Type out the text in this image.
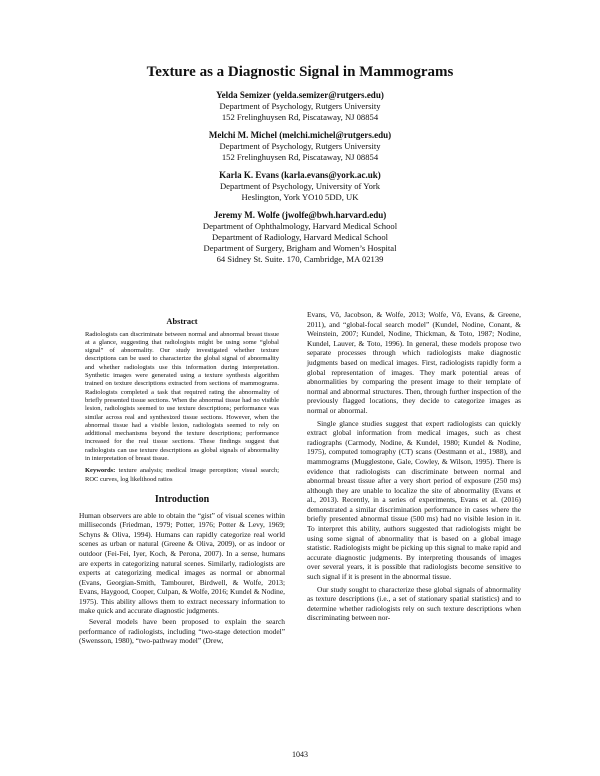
Texture as a Diagnostic Signal in Mammograms
Yelda Semizer (yelda.semizer@rutgers.edu)
Department of Psychology, Rutgers University
152 Frelinghuysen Rd, Piscataway, NJ 08854
Melchi M. Michel (melchi.michel@rutgers.edu)
Department of Psychology, Rutgers University
152 Frelinghuysen Rd, Piscataway, NJ 08854
Karla K. Evans (karla.evans@york.ac.uk)
Department of Psychology, University of York
Heslington, York YO10 5DD, UK
Jeremy M. Wolfe (jwolfe@bwh.harvard.edu)
Department of Ophthalmology, Harvard Medical School
Department of Radiology, Harvard Medical School
Department of Surgery, Brigham and Women’s Hospital
64 Sidney St. Suite. 170, Cambridge, MA 02139
Abstract
Radiologists can discriminate between normal and abnormal breast tissue at a glance, suggesting that radiologists might be using some “global signal” of abnormality. Our study investigated whether texture descriptions can be used to characterize the global signal of abnormality and whether radiologists use this information during interpretation. Synthetic images were generated using a texture synthesis algorithm trained on texture descriptions extracted from sections of mammograms. Radiologists completed a task that required rating the abnormality of briefly presented tissue sections. When the abnormal tissue had no visible lesion, radiologists seemed to use texture descriptions; performance was similar across real and synthesized tissue sections. However, when the abnormal tissue had a visible lesion, radiologists seemed to rely on additional mechanisms beyond the texture descriptions; performance increased for the real tissue sections. These findings suggest that radiologists can use texture descriptions as global signals of abnormality in interpretation of breast tissue.
Keywords: texture analysis; medical image perception; visual search; ROC curves, log likelihood ratios
Introduction

Human observers are able to obtain the “gist” of visual scenes within milliseconds (Friedman, 1979; Potter, 1976; Potter & Levy, 1969; Schyns & Oliva, 1994). Humans can rapidly categorize real world scenes as urban or natural (Greene & Oliva, 2009), or as indoor or outdoor (Fei-Fei, Iyer, Koch, & Perona, 2007). In a sense, humans are experts in categorizing natural scenes. Similarly, radiologists are experts at categorizing medical images as normal or abnormal (Evans, Georgian-Smith, Tambouret, Birdwell, & Wolfe, 2013; Evans, Haygood, Cooper, Culpan, & Wolfe, 2016; Kundel & Nodine, 1975). This ability allows them to extract necessary information to make quick and accurate diagnostic judgments.

Several models have been proposed to explain the search performance of radiologists, including “two-stage detection model” (Swensson, 1980), “two-pathway model” (Drew,

Evans, Võ, Jacobson, & Wolfe, 2013; Wolfe, Võ, Evans, & Greene, 2011), and “global-focal search model” (Kundel, Nodine, Conant, & Weinstein, 2007; Kundel, Nodine, Thickman, & Toto, 1987; Nodine, Kundel, Lauver, & Toto, 1996). In general, these models propose two separate processes through which radiologists make diagnostic judgments based on medical images. First, radiologists rapidly form a global representation of images. They mark potential areas of abnormalities by comparing the present image to their template of normal and abnormal structures. Then, through further inspection of the previously flagged locations, they decide to categorize images as normal or abnormal.

Single glance studies suggest that expert radiologists can quickly extract global information from medical images, such as chest radiographs (Carmody, Nodine, & Kundel, 1980; Kundel & Nodine, 1975), computed tomography (CT) scans (Oestmann et al., 1988), and mammograms (Mugglestone, Gale, Cowley, & Wilson, 1995). There is evidence that radiologists can discriminate between normal and abnormal breast tissue after a very short period of exposure (250 ms) although they are unable to localize the site of abnormality (Evans et al., 2013). Recently, in a series of experiments, Evans et al. (2016) demonstrated a similar discrimination performance in cases where the briefly presented abnormal tissue (500 ms) had no visible lesion in it. To interpret this ability, authors suggested that radiologists might be using some signal of abnormality that is based on a global image statistic. Radiologists might be picking up this signal to make rapid and accurate diagnostic judgments. By interpreting thousands of images over several years, it is possible that radiologists become sensitive to such signal if it is present in the abnormal tissue.

Our study sought to characterize these global signals of abnormality as texture descriptions (i.e., a set of stationary spatial statistics) and to determine whether radiologists rely on such texture descriptions when discriminating between nor-

1043
